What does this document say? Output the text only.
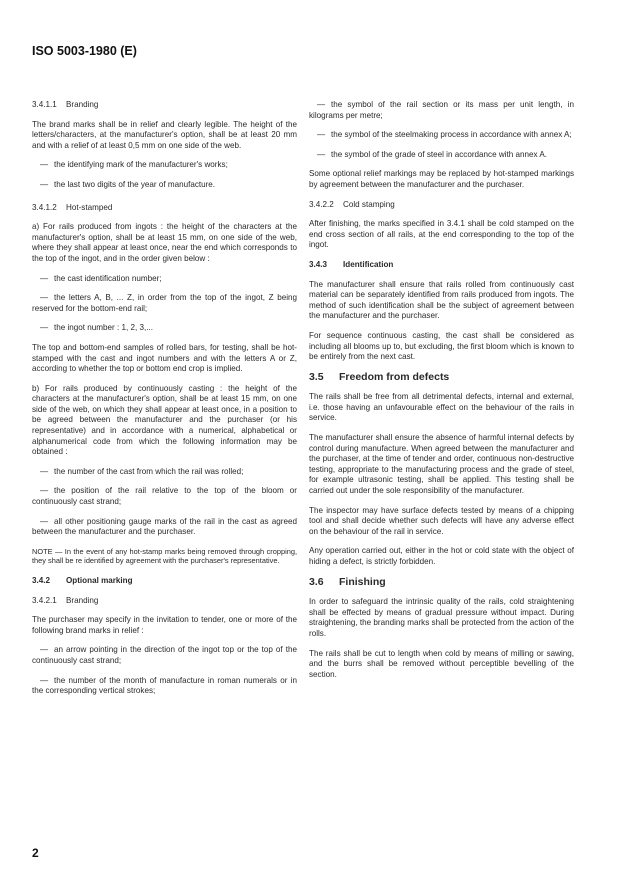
ISO 5003-1980 (E)
3.4.1.1 Branding

The brand marks shall be in relief and clearly legible. The height of the letters/characters, at the manufacturer's option, shall be at least 20 mm and with a relief of at least 0,5 mm on one side of the web.

— the identifying mark of the manufacturer's works;
— the last two digits of the year of manufacture.
3.4.1.2 Hot-stamped

a) For rails produced from ingots : the height of the characters at the manufacturer's option, shall be at least 15 mm, on one side of the web, where they shall appear at least once, near the end which corresponds to the top of the ingot, and in the order given below :

— the cast identification number;
— the letters A, B, ... Z, in order from the top of the ingot, Z being reserved for the bottom-end rail;
— the ingot number : 1, 2, 3,...

The top and bottom-end samples of rolled bars, for testing, shall be hot-stamped with the cast and ingot numbers and with the letters A or Z, according to whether the top or bottom end crop is implied.

b) For rails produced by continuously casting : the height of the characters at the manufacturer's option, shall be at least 15 mm, on one side of the web, on which they shall appear at least once, in a position to be agreed between the manufacturer and the purchaser (or his representative) and in accordance with a numerical, alphabetical or alphanumerical code from which the following information may be obtained :

— the number of the cast from which the rail was rolled;
— the position of the rail relative to the top of the bloom or continuously cast strand;
— all other positioning gauge marks of the rail in the cast as agreed between the manufacturer and the purchaser.

NOTE — In the event of any hot-stamp marks being removed through cropping, they shall be re identified by agreement with the purchaser's representative.

3.4.2 Optional marking
3.4.2.1 Branding

The purchaser may specify in the invitation to tender, one or more of the following brand marks in relief :

— an arrow pointing in the direction of the ingot top or the top of the continuously cast strand;
— the number of the month of manufacture in roman numerals or in the corresponding vertical strokes;
— the symbol of the rail section or its mass per unit length, in kilograms per metre;
— the symbol of the steelmaking process in accordance with annex A;
— the symbol of the grade of steel in accordance with annex A.

Some optional relief markings may be replaced by hot-stamped markings by agreement between the manufacturer and the purchaser.

3.4.2.2 Cold stamping

After finishing, the marks specified in 3.4.1 shall be cold stamped on the end cross section of all rails, at the end corresponding to the top of the ingot.

3.4.3 Identification

The manufacturer shall ensure that rails rolled from continuously cast material can be separately identified from rails produced from ingots. The method of such identification shall be the subject of agreement between the manufacturer and the purchaser.

For sequence continuous casting, the cast shall be considered as including all blooms up to, but excluding, the first bloom which is known to be entirely from the next cast.

3.5 Freedom from defects

The rails shall be free from all detrimental defects, internal and external, i.e. those having an unfavourable effect on the behaviour of the rails in service.

The manufacturer shall ensure the absence of harmful internal defects by control during manufacture. When agreed between the manufacturer and the purchaser, at the time of tender and order, continuous non-destructive testing, appropriate to the manufacturing process and the grade of steel, for example ultrasonic testing, shall be applied. This testing shall be carried out under the sole responsibility of the manufacturer.

The inspector may have surface defects tested by means of a chipping tool and shall decide whether such defects will have any adverse effect on the behaviour of the rail in service.

Any operation carried out, either in the hot or cold state with the object of hiding a defect, is strictly forbidden.

3.6 Finishing

In order to safeguard the intrinsic quality of the rails, cold straightening shall be effected by means of gradual pressure without impact. During straightening, the branding marks shall be protected from the action of the rolls.

The rails shall be cut to length when cold by means of milling or sawing, and the burrs shall be removed without perceptible bevelling of the section.

2
